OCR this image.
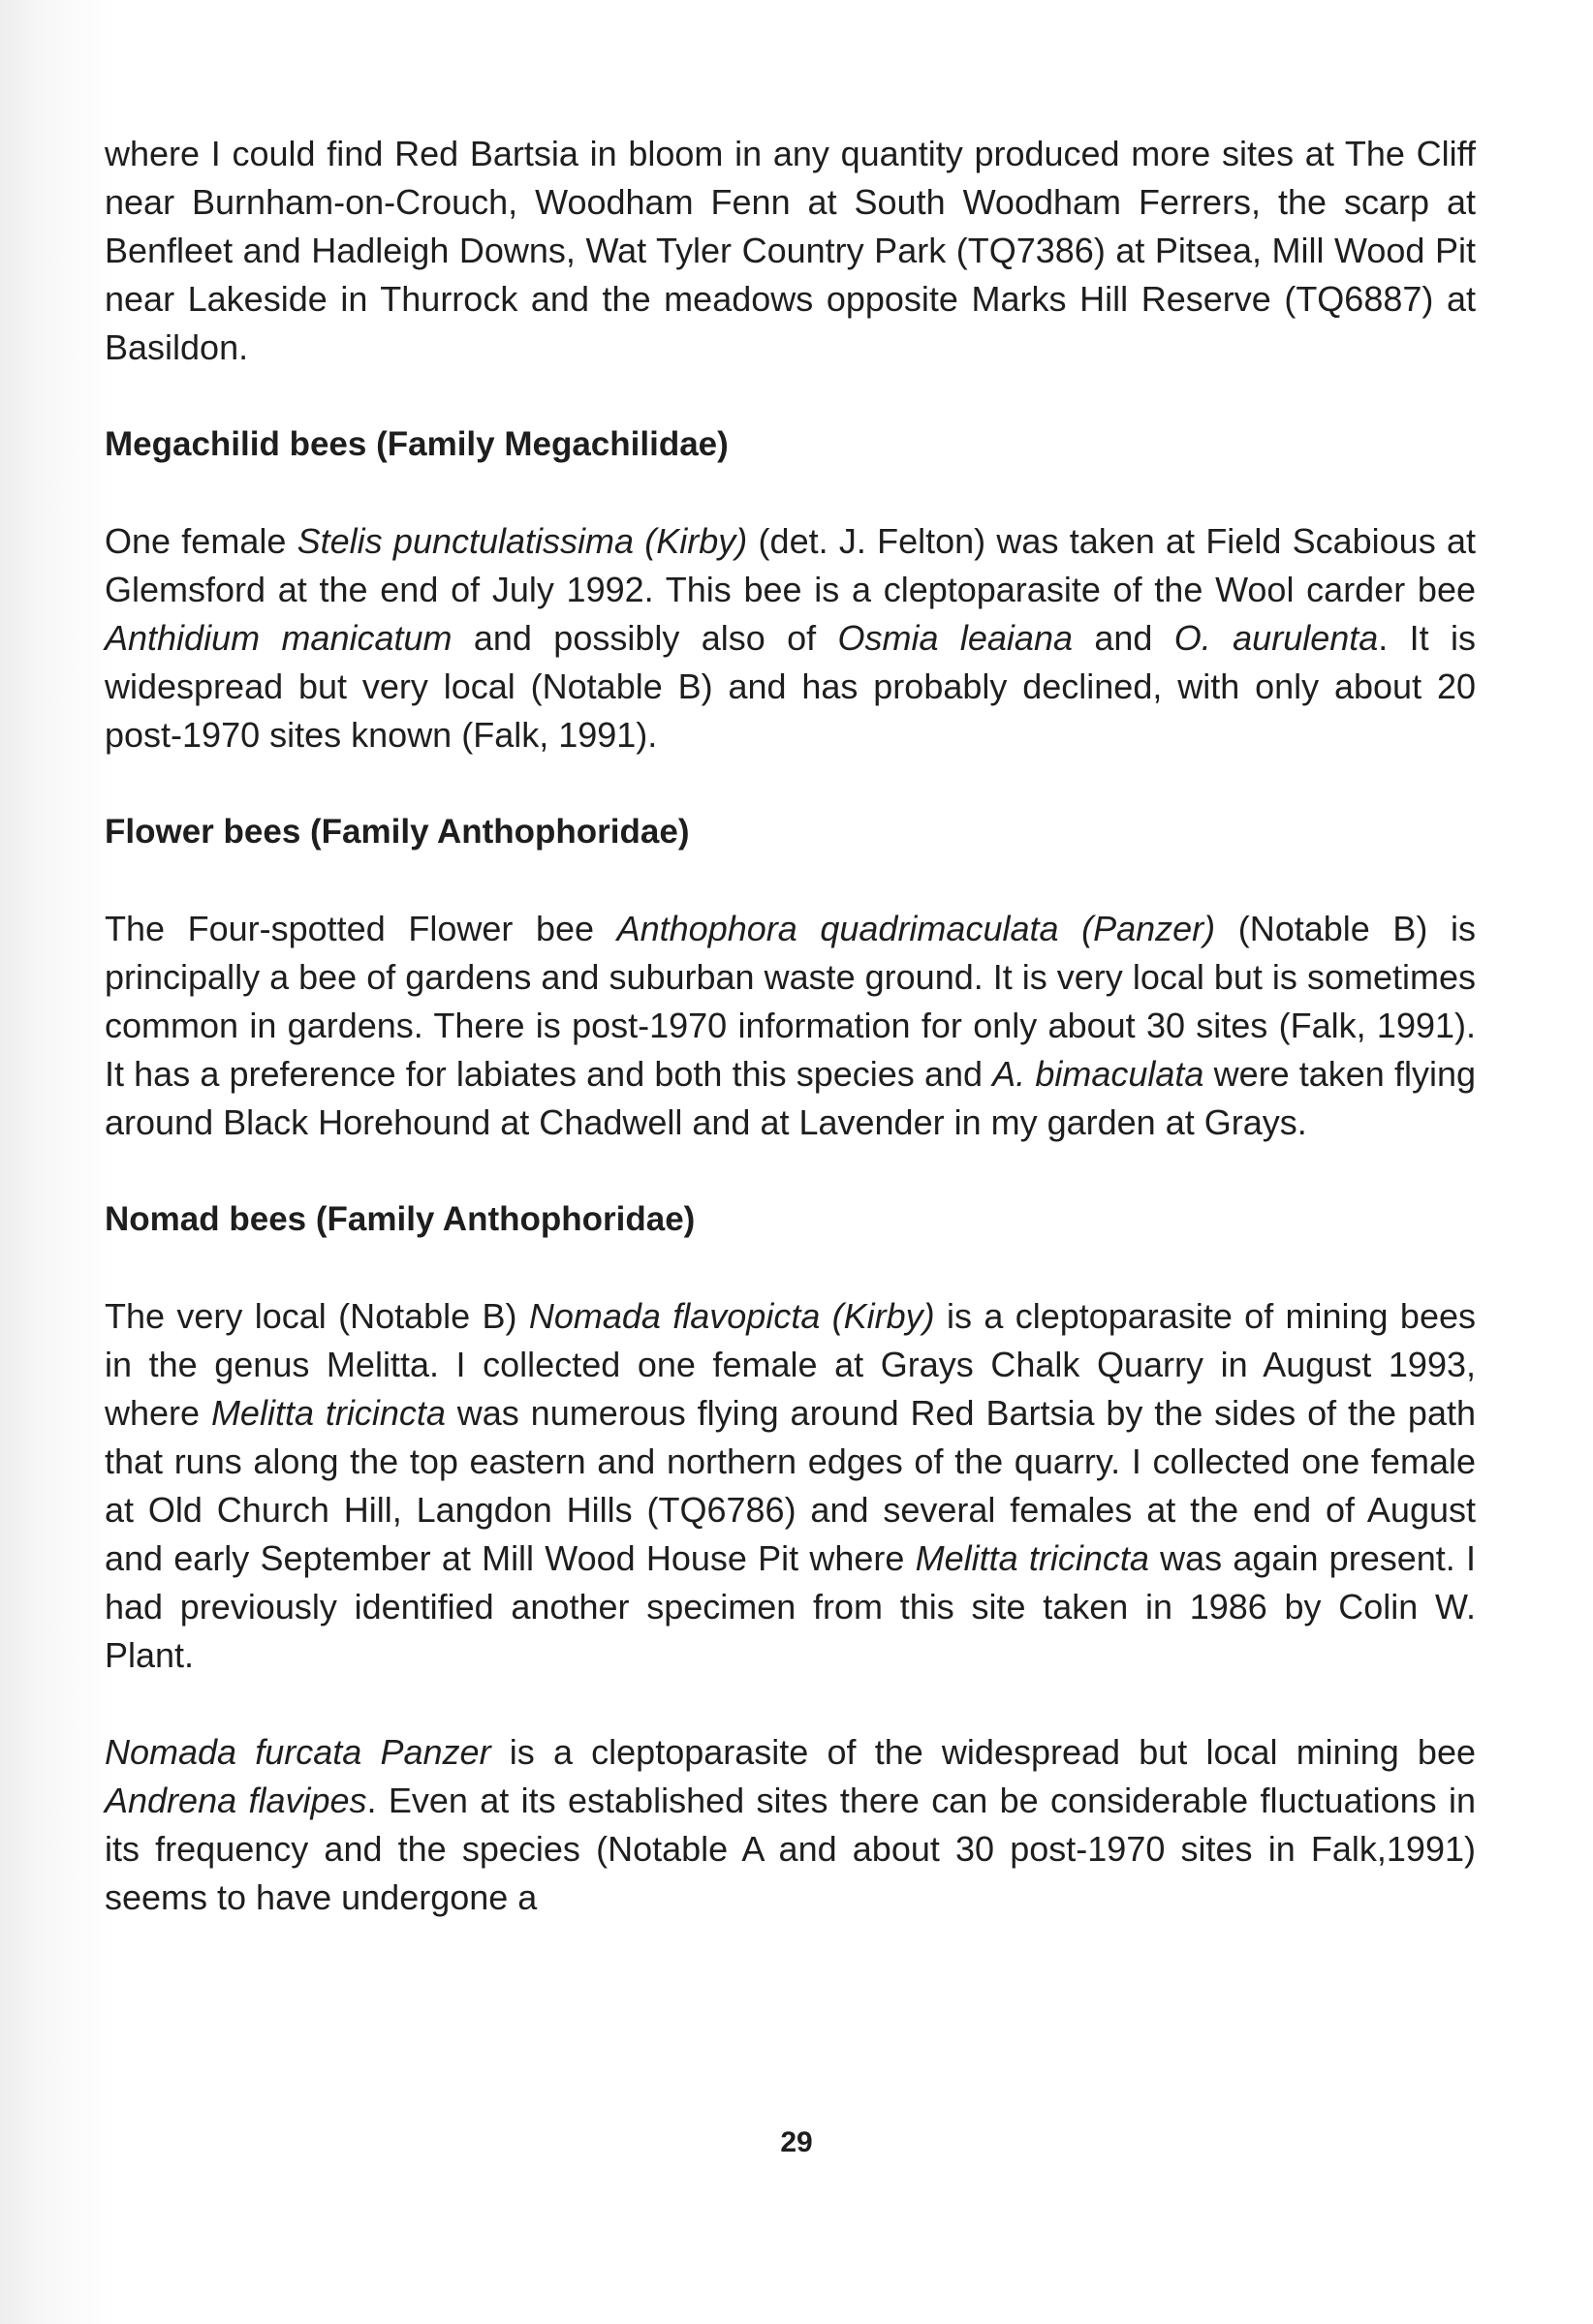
where I could find Red Bartsia in bloom in any quantity produced more sites at The Cliff near Burnham-on-Crouch, Woodham Fenn at South Woodham Ferrers, the scarp at Benfleet and Hadleigh Downs, Wat Tyler Country Park (TQ7386) at Pitsea, Mill Wood Pit near Lakeside in Thurrock and the meadows opposite Marks Hill Reserve (TQ6887) at Basildon.

Megachilid bees (Family Megachilidae)

One female Stelis punctulatissima (Kirby) (det. J. Felton) was taken at Field Scabious at Glemsford at the end of July 1992. This bee is a cleptoparasite of the Wool carder bee Anthidium manicatum and possibly also of Osmia leaiana and O. aurulenta. It is widespread but very local (Notable B) and has probably declined, with only about 20 post-1970 sites known (Falk, 1991).

Flower bees (Family Anthophoridae)

The Four-spotted Flower bee Anthophora quadrimaculata (Panzer) (Notable B) is principally a bee of gardens and suburban waste ground. It is very local but is sometimes common in gardens. There is post-1970 information for only about 30 sites (Falk, 1991). It has a preference for labiates and both this species and A. bimaculata were taken flying around Black Horehound at Chadwell and at Lavender in my garden at Grays.

Nomad bees (Family Anthophoridae)

The very local (Notable B) Nomada flavopicta (Kirby) is a cleptoparasite of mining bees in the genus Melitta. I collected one female at Grays Chalk Quarry in August 1993, where Melitta tricincta was numerous flying around Red Bartsia by the sides of the path that runs along the top eastern and northern edges of the quarry. I collected one female at Old Church Hill, Langdon Hills (TQ6786) and several females at the end of August and early September at Mill Wood House Pit where Melitta tricincta was again present. I had previously identified another specimen from this site taken in 1986 by Colin W. Plant.

Nomada furcata Panzer is a cleptoparasite of the widespread but local mining bee Andrena flavipes. Even at its established sites there can be considerable fluctuations in its frequency and the species (Notable A and about 30 post-1970 sites in Falk,1991) seems to have undergone a

29
